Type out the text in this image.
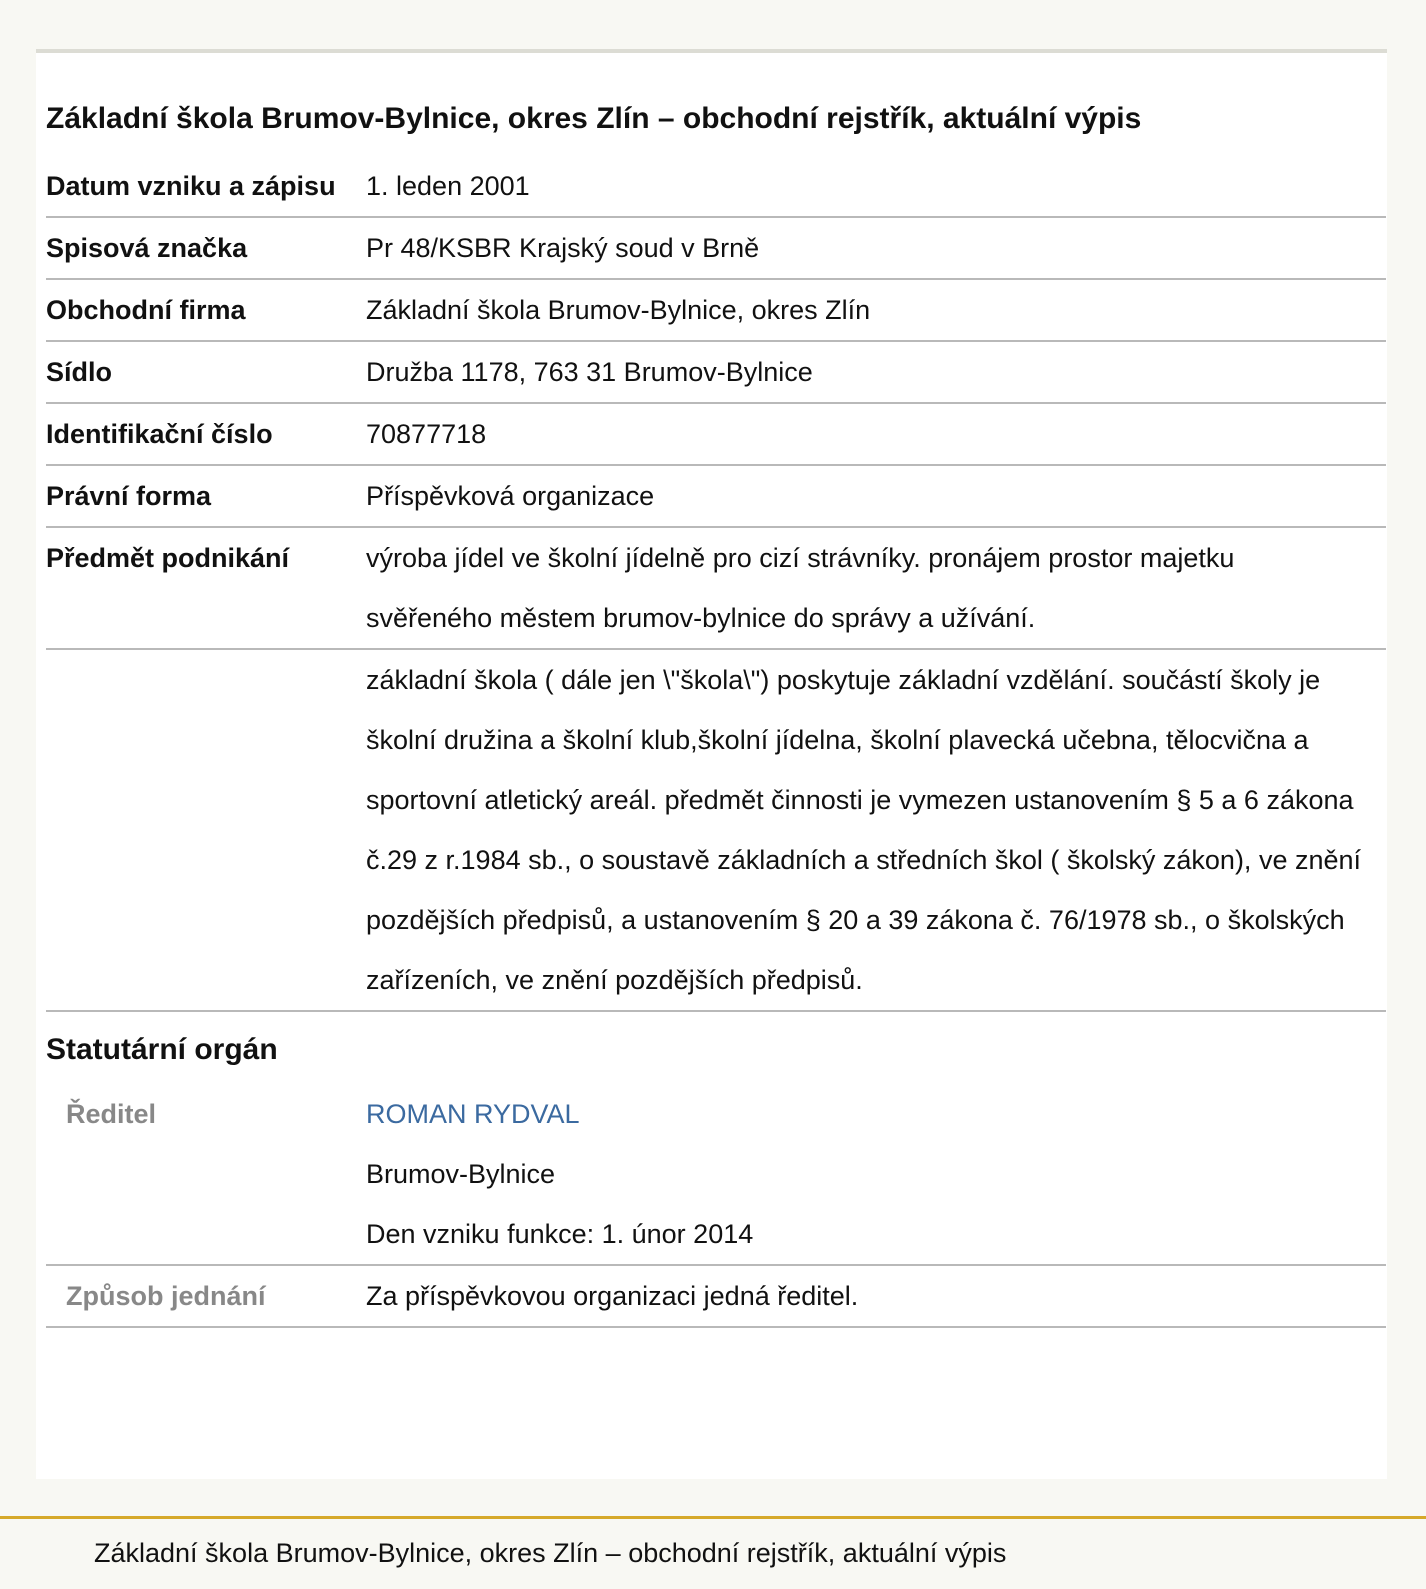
Základní škola Brumov-Bylnice, okres Zlín – obchodní rejstřík, aktuální výpis
Datum vzniku a zápisu	1. leden 2001
Spisová značka	Pr 48/KSBR Krajský soud v Brně
Obchodní firma	Základní škola Brumov-Bylnice, okres Zlín
Sídlo	Družba 1178, 763 31 Brumov-Bylnice
Identifikační číslo	70877718
Právní forma	Příspěvková organizace
Předmět podnikání	výroba jídel ve školní jídelně pro cizí strávníky. pronájem prostor majetku svěřeného městem brumov-bylnice do správy a užívání.
	základní škola ( dále jen \"škola\") poskytuje základní vzdělání. součástí školy je školní družina a školní klub,školní jídelna, školní plavecká učebna, tělocvična a sportovní atletický areál. předmět činnosti je vymezen ustanovením § 5 a 6 zákona č.29 z r.1984 sb., o soustavě základních a středních škol ( školský zákon), ve znění pozdějších předpisů, a ustanovením § 20 a 39 zákona č. 76/1978 sb., o školských zařízeních, ve znění pozdějších předpisů.
Statutární orgán	
Ředitel	ROMAN RYDVAL
Brumov-Bylnice
Den vzniku funkce: 1. únor 2014

Způsob jednání	Za příspěvkovou organizaci jedná ředitel.
Základní škola Brumov-Bylnice, okres Zlín – obchodní rejstřík, aktuální výpis
